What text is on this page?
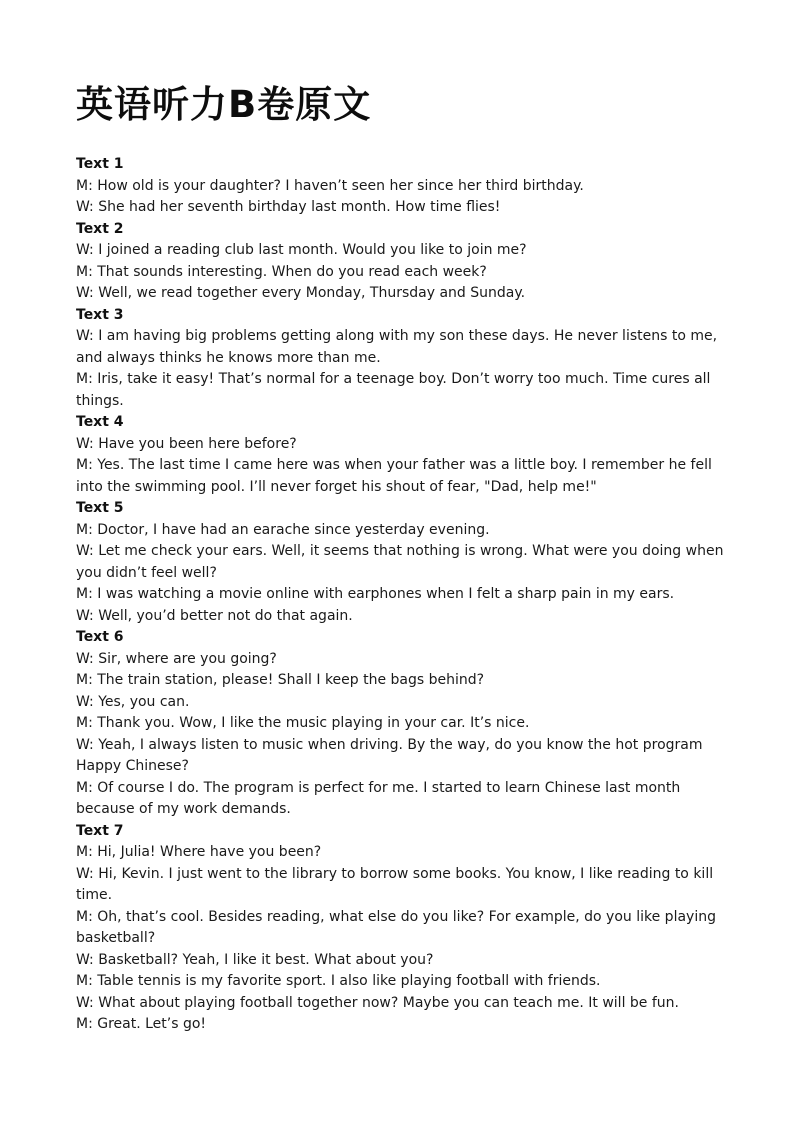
英语听力B卷原文
Text 1
M: How old is your daughter? I haven’t seen her since her third birthday.
W: She had her seventh birthday last month. How time flies!
Text 2
W: I joined a reading club last month. Would you like to join me?
M: That sounds interesting. When do you read each week?
W: Well, we read together every Monday, Thursday and Sunday.
Text 3
W: I am having big problems getting along with my son these days. He never listens to me,
and always thinks he knows more than me.
M: Iris, take it easy! That’s normal for a teenage boy. Don’t worry too much. Time cures all
things.
Text 4
W: Have you been here before?
M: Yes. The last time I came here was when your father was a little boy. I remember he fell
into the swimming pool. I’ll never forget his shout of fear, "Dad, help me!"
Text 5
M: Doctor, I have had an earache since yesterday evening.
W: Let me check your ears. Well, it seems that nothing is wrong. What were you doing when
you didn’t feel well?
M: I was watching a movie online with earphones when I felt a sharp pain in my ears.
W: Well, you’d better not do that again.
Text 6
W: Sir, where are you going?
M: The train station, please! Shall I keep the bags behind?
W: Yes, you can.
M: Thank you. Wow, I like the music playing in your car. It’s nice.
W: Yeah, I always listen to music when driving. By the way, do you know the hot program
Happy Chinese?
M: Of course I do. The program is perfect for me. I started to learn Chinese last month
because of my work demands.
Text 7
M: Hi, Julia! Where have you been?
W: Hi, Kevin. I just went to the library to borrow some books. You know, I like reading to kill
time.
M: Oh, that’s cool. Besides reading, what else do you like? For example, do you like playing
basketball?
W: Basketball? Yeah, I like it best. What about you?
M: Table tennis is my favorite sport. I also like playing football with friends.
W: What about playing football together now? Maybe you can teach me. It will be fun.
M: Great. Let’s go!
